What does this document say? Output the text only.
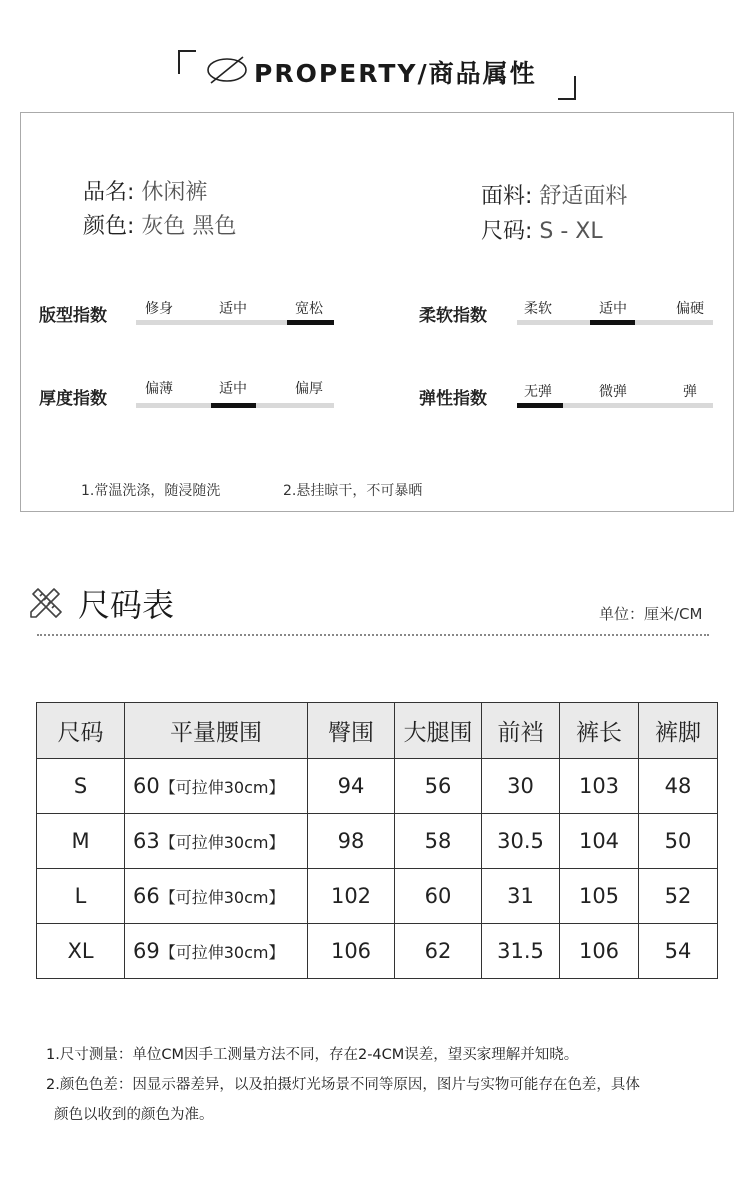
PROPERTY/商品属性
品名: 休闲裤
颜色: 灰色 黑色
面料: 舒适面料
尺码: S - XL
版型指数	修身	适中	宽松	柔软指数	柔软	适中	偏硬
厚度指数	偏薄	适中	偏厚	弹性指数	无弹	微弹	弹
1.常温洗涤，随浸随洗	2.悬挂晾干，不可暴晒
尺码表	单位：厘米/CM
尺码	平量腰围	臀围	大腿围	前裆	裤长	裤脚
S	60【可拉伸30cm】	94	56	30	103	48
M	63【可拉伸30cm】	98	58	30.5	104	50
L	66【可拉伸30cm】	102	60	31	105	52
XL	69【可拉伸30cm】	106	62	31.5	106	54
1.尺寸测量：单位CM因手工测量方法不同，存在2-4CM误差，望买家理解并知晓。
2.颜色色差：因显示器差异，以及拍摄灯光场景不同等原因，图片与实物可能存在色差，具体
颜色以收到的颜色为准。
